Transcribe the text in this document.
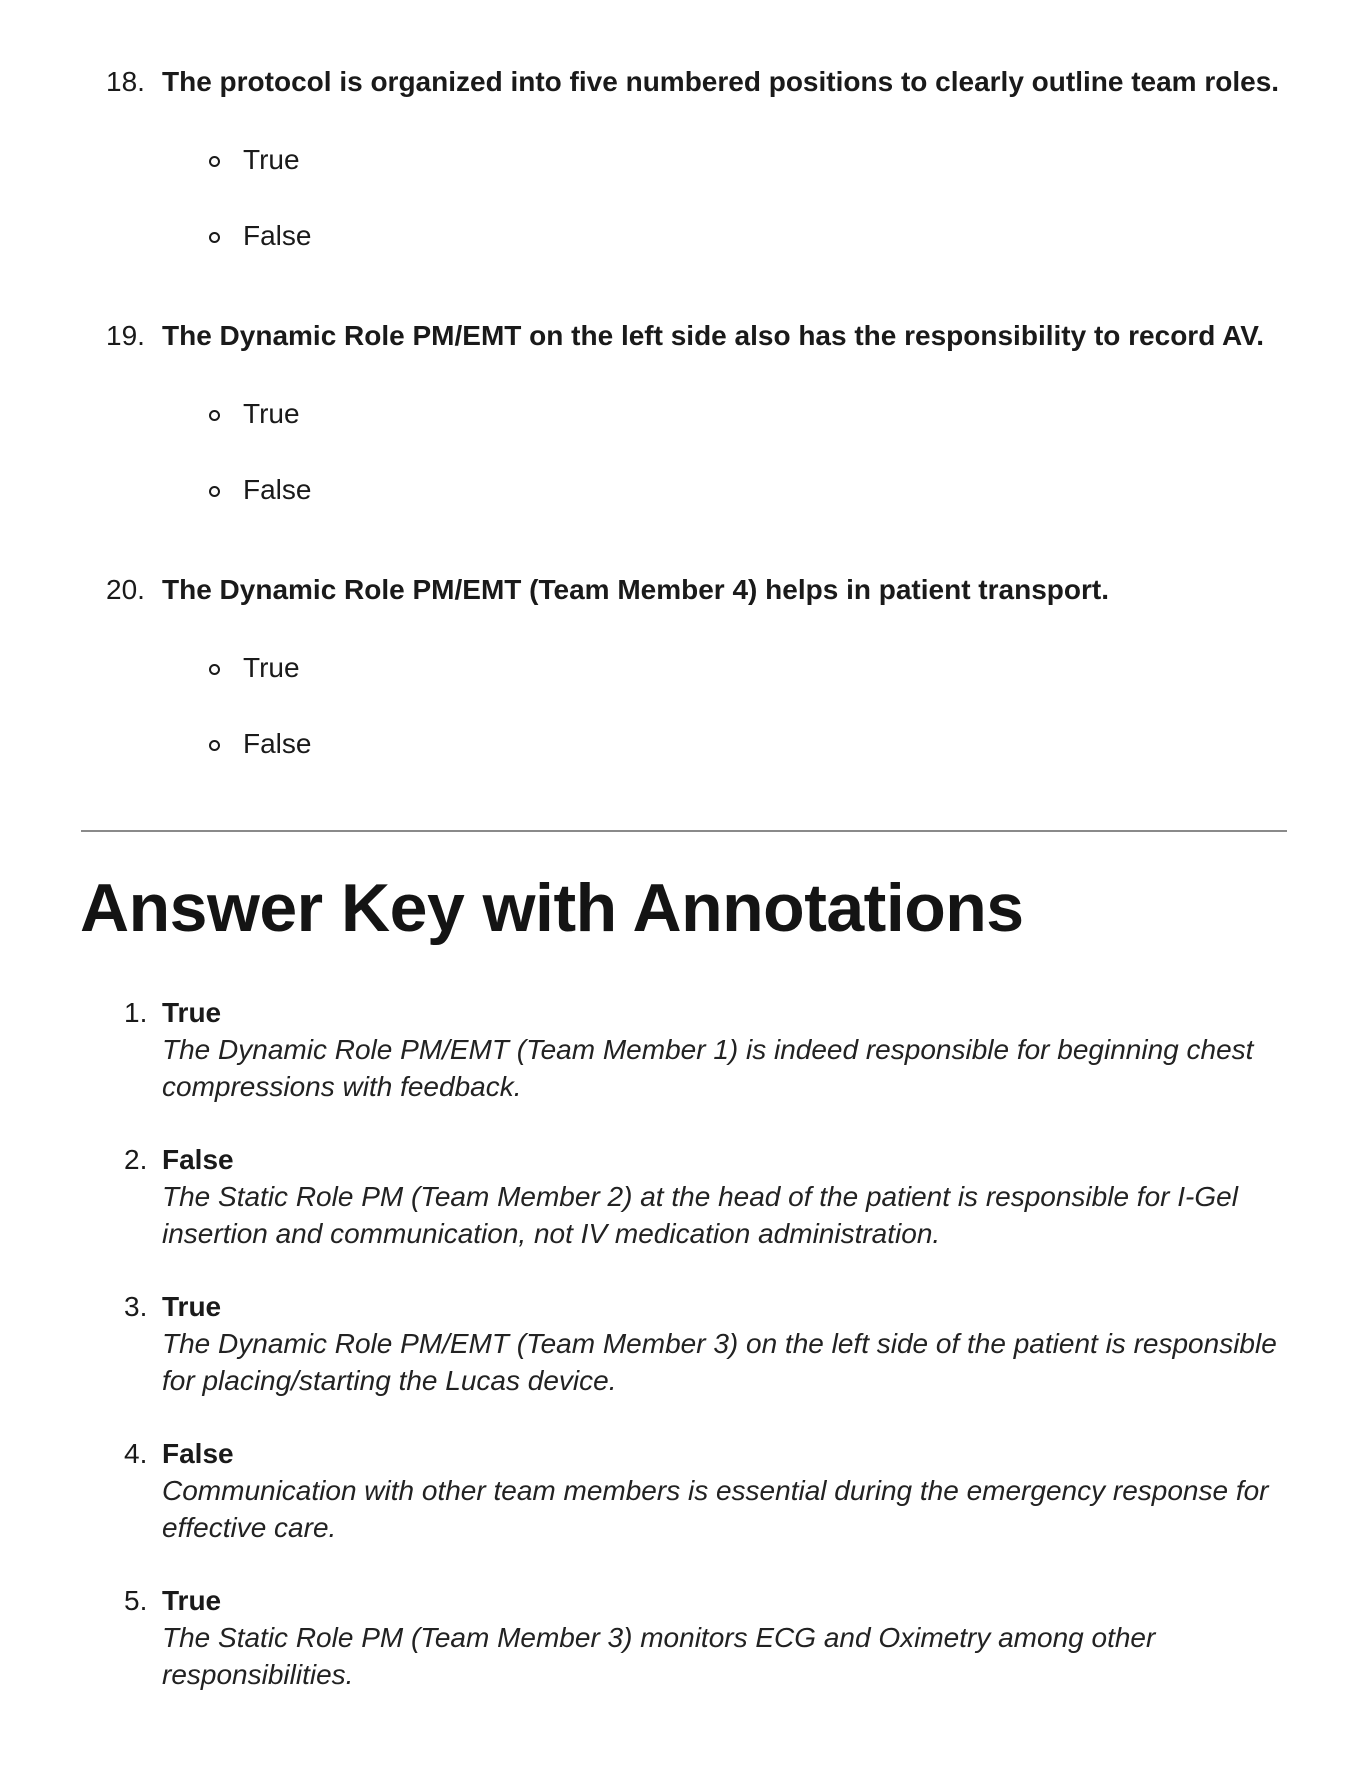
18. The protocol is organized into five numbered positions to clearly outline team roles.
True
False
19. The Dynamic Role PM/EMT on the left side also has the responsibility to record AV.
True
False
20. The Dynamic Role PM/EMT (Team Member 4) helps in patient transport.
True
False
Answer Key with Annotations
1. True
The Dynamic Role PM/EMT (Team Member 1) is indeed responsible for beginning chest compressions with feedback.
2. False
The Static Role PM (Team Member 2) at the head of the patient is responsible for I-Gel insertion and communication, not IV medication administration.
3. True
The Dynamic Role PM/EMT (Team Member 3) on the left side of the patient is responsible for placing/starting the Lucas device.
4. False
Communication with other team members is essential during the emergency response for effective care.
5. True
The Static Role PM (Team Member 3) monitors ECG and Oximetry among other responsibilities.
